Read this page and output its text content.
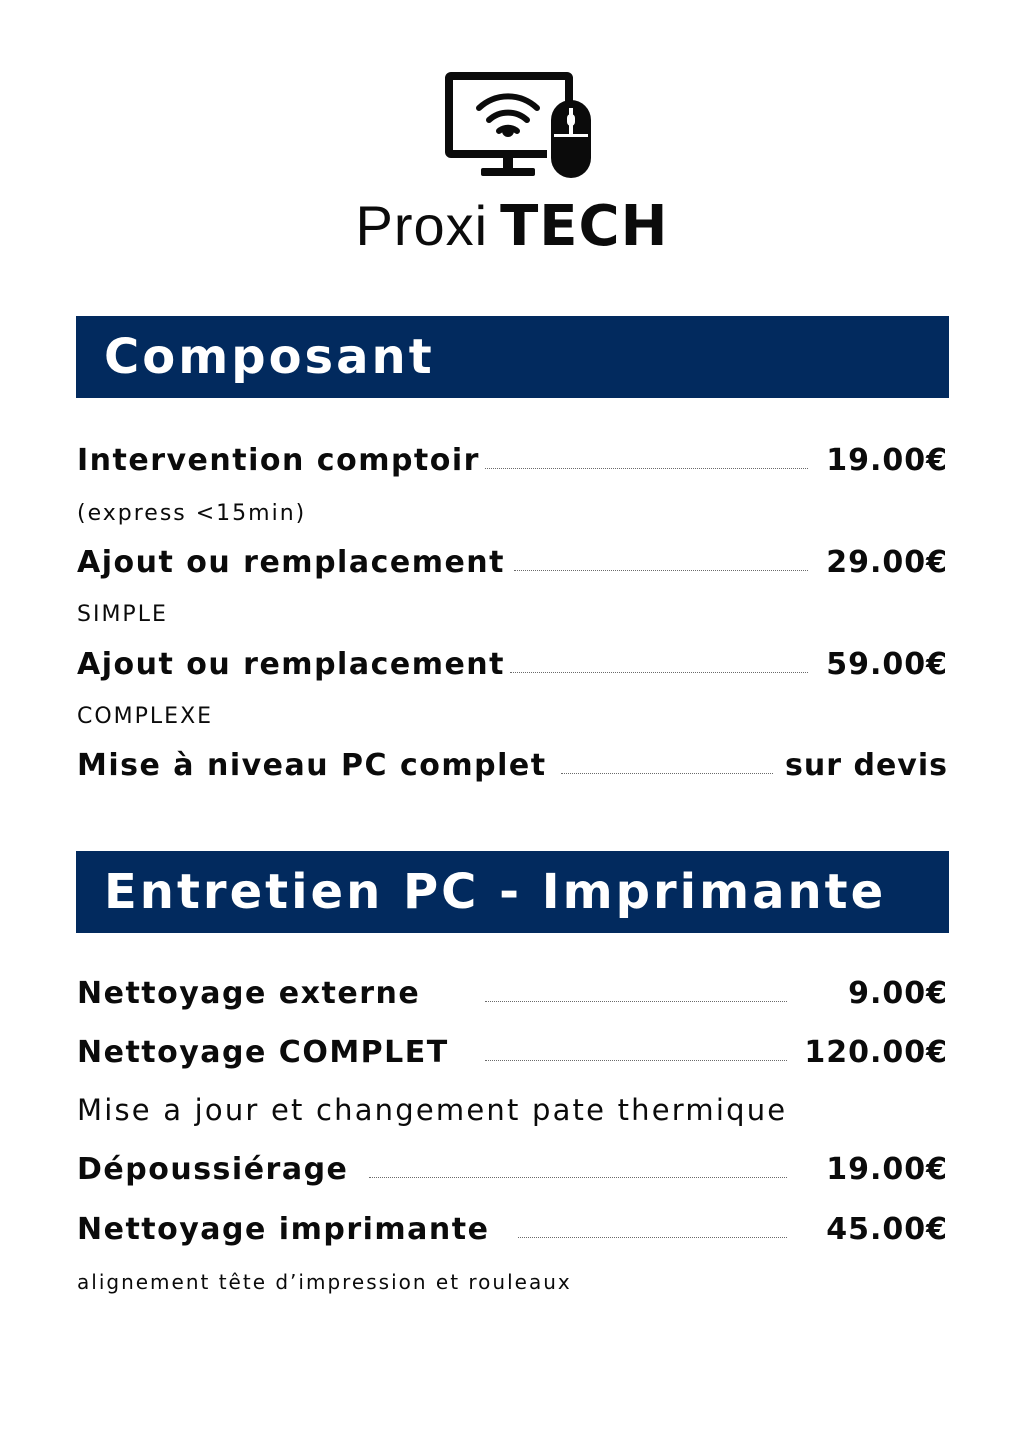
Proxi TECH
Composant
Intervention comptoir	19.00€
(express <15min)
Ajout ou remplacement	29.00€
SIMPLE
Ajout ou remplacement	59.00€
COMPLEXE
Mise à niveau PC complet	sur devis
Entretien PC - Imprimante
Nettoyage externe	9.00€
Nettoyage COMPLET	120.00€
Mise a jour et changement pate thermique
Dépoussiérage	19.00€
Nettoyage imprimante	45.00€
alignement tête d’impression et rouleaux
